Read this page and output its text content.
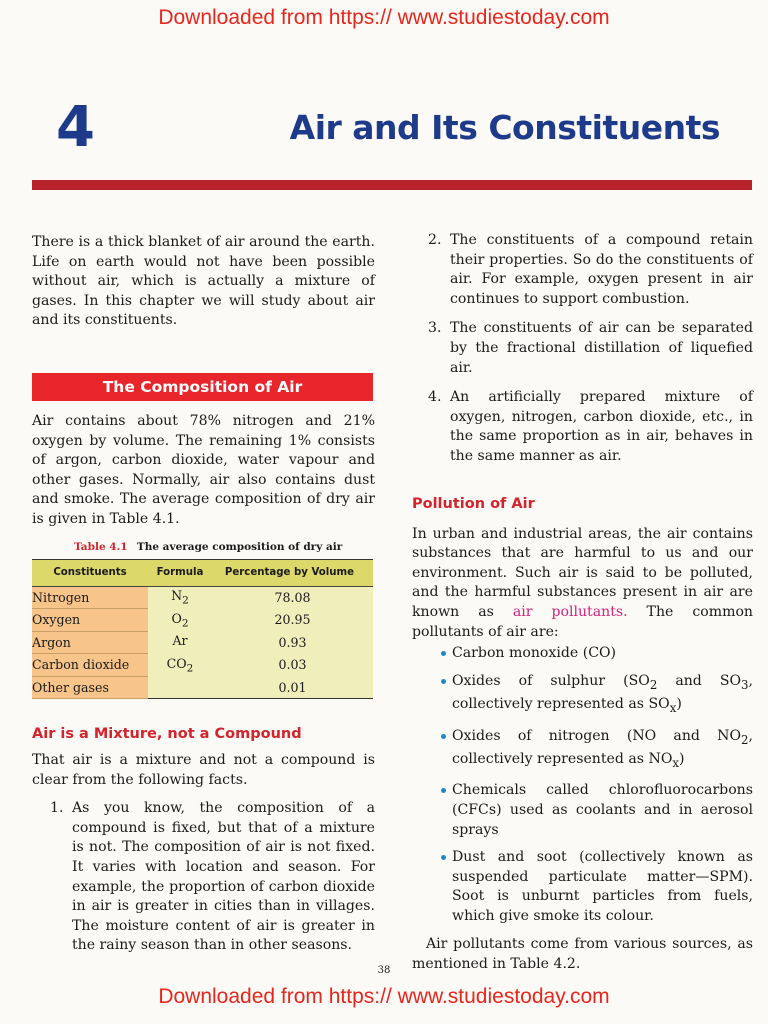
Downloaded from https:// www.studiestoday.com
4	Air and Its Constituents

There is a thick blanket of air around the earth. Life on earth would not have been possible without air, which is actually a mixture of gases. In this chapter we will study about air and its constituents.

The Composition of Air

Air contains about 78% nitrogen and 21% oxygen by volume. The remaining 1% consists of argon, carbon dioxide, water vapour and other gases. Normally, air also contains dust and smoke. The average composition of dry air is given in Table 4.1.

Table 4.1 The average composition of dry air
Constituents	Formula	Percentage by Volume
Nitrogen	$N_2$	78.08
Oxygen	$O_2$	20.95
Argon	Ar	0.93
Carbon dioxide	$CO_2$	0.03
Other gases		0.01
Air is a Mixture, not a Compound

That air is a mixture and not a compound is clear from the following facts.

1. As you know, the composition of a compound is fixed, but that of a mixture is not. The composition of air is not fixed. It varies with location and season. For example, the proportion of carbon dioxide in air is greater in cities than in villages. The moisture content of air is greater in the rainy season than in other seasons.

2. The constituents of a compound retain their properties. So do the constituents of air. For example, oxygen present in air continues to support combustion.

3. The constituents of air can be separated by the fractional distillation of liquefied air.

4. An artificially prepared mixture of oxygen, nitrogen, carbon dioxide, etc., in the same proportion as in air, behaves in the same manner as air.

Pollution of Air

In urban and industrial areas, the air contains substances that are harmful to us and our environment. Such air is said to be polluted, and the harmful substances present in air are known as air pollutants. The common pollutants of air are:

Carbon monoxide (CO)

Oxides of sulphur ($SO_2$ and $SO_3$, collectively represented as $SO_x$)

Oxides of nitrogen (NO and $NO_2$, collectively represented as $NO_x$)

Chemicals called chlorofluorocarbons (CFCs) used as coolants and in aerosol sprays

Dust and soot (collectively known as suspended particulate matter—SPM). Soot is unburnt particles from fuels, which give smoke its colour.

Air pollutants come from various sources, as mentioned in Table 4.2.

38
Downloaded from https:// www.studiestoday.com
